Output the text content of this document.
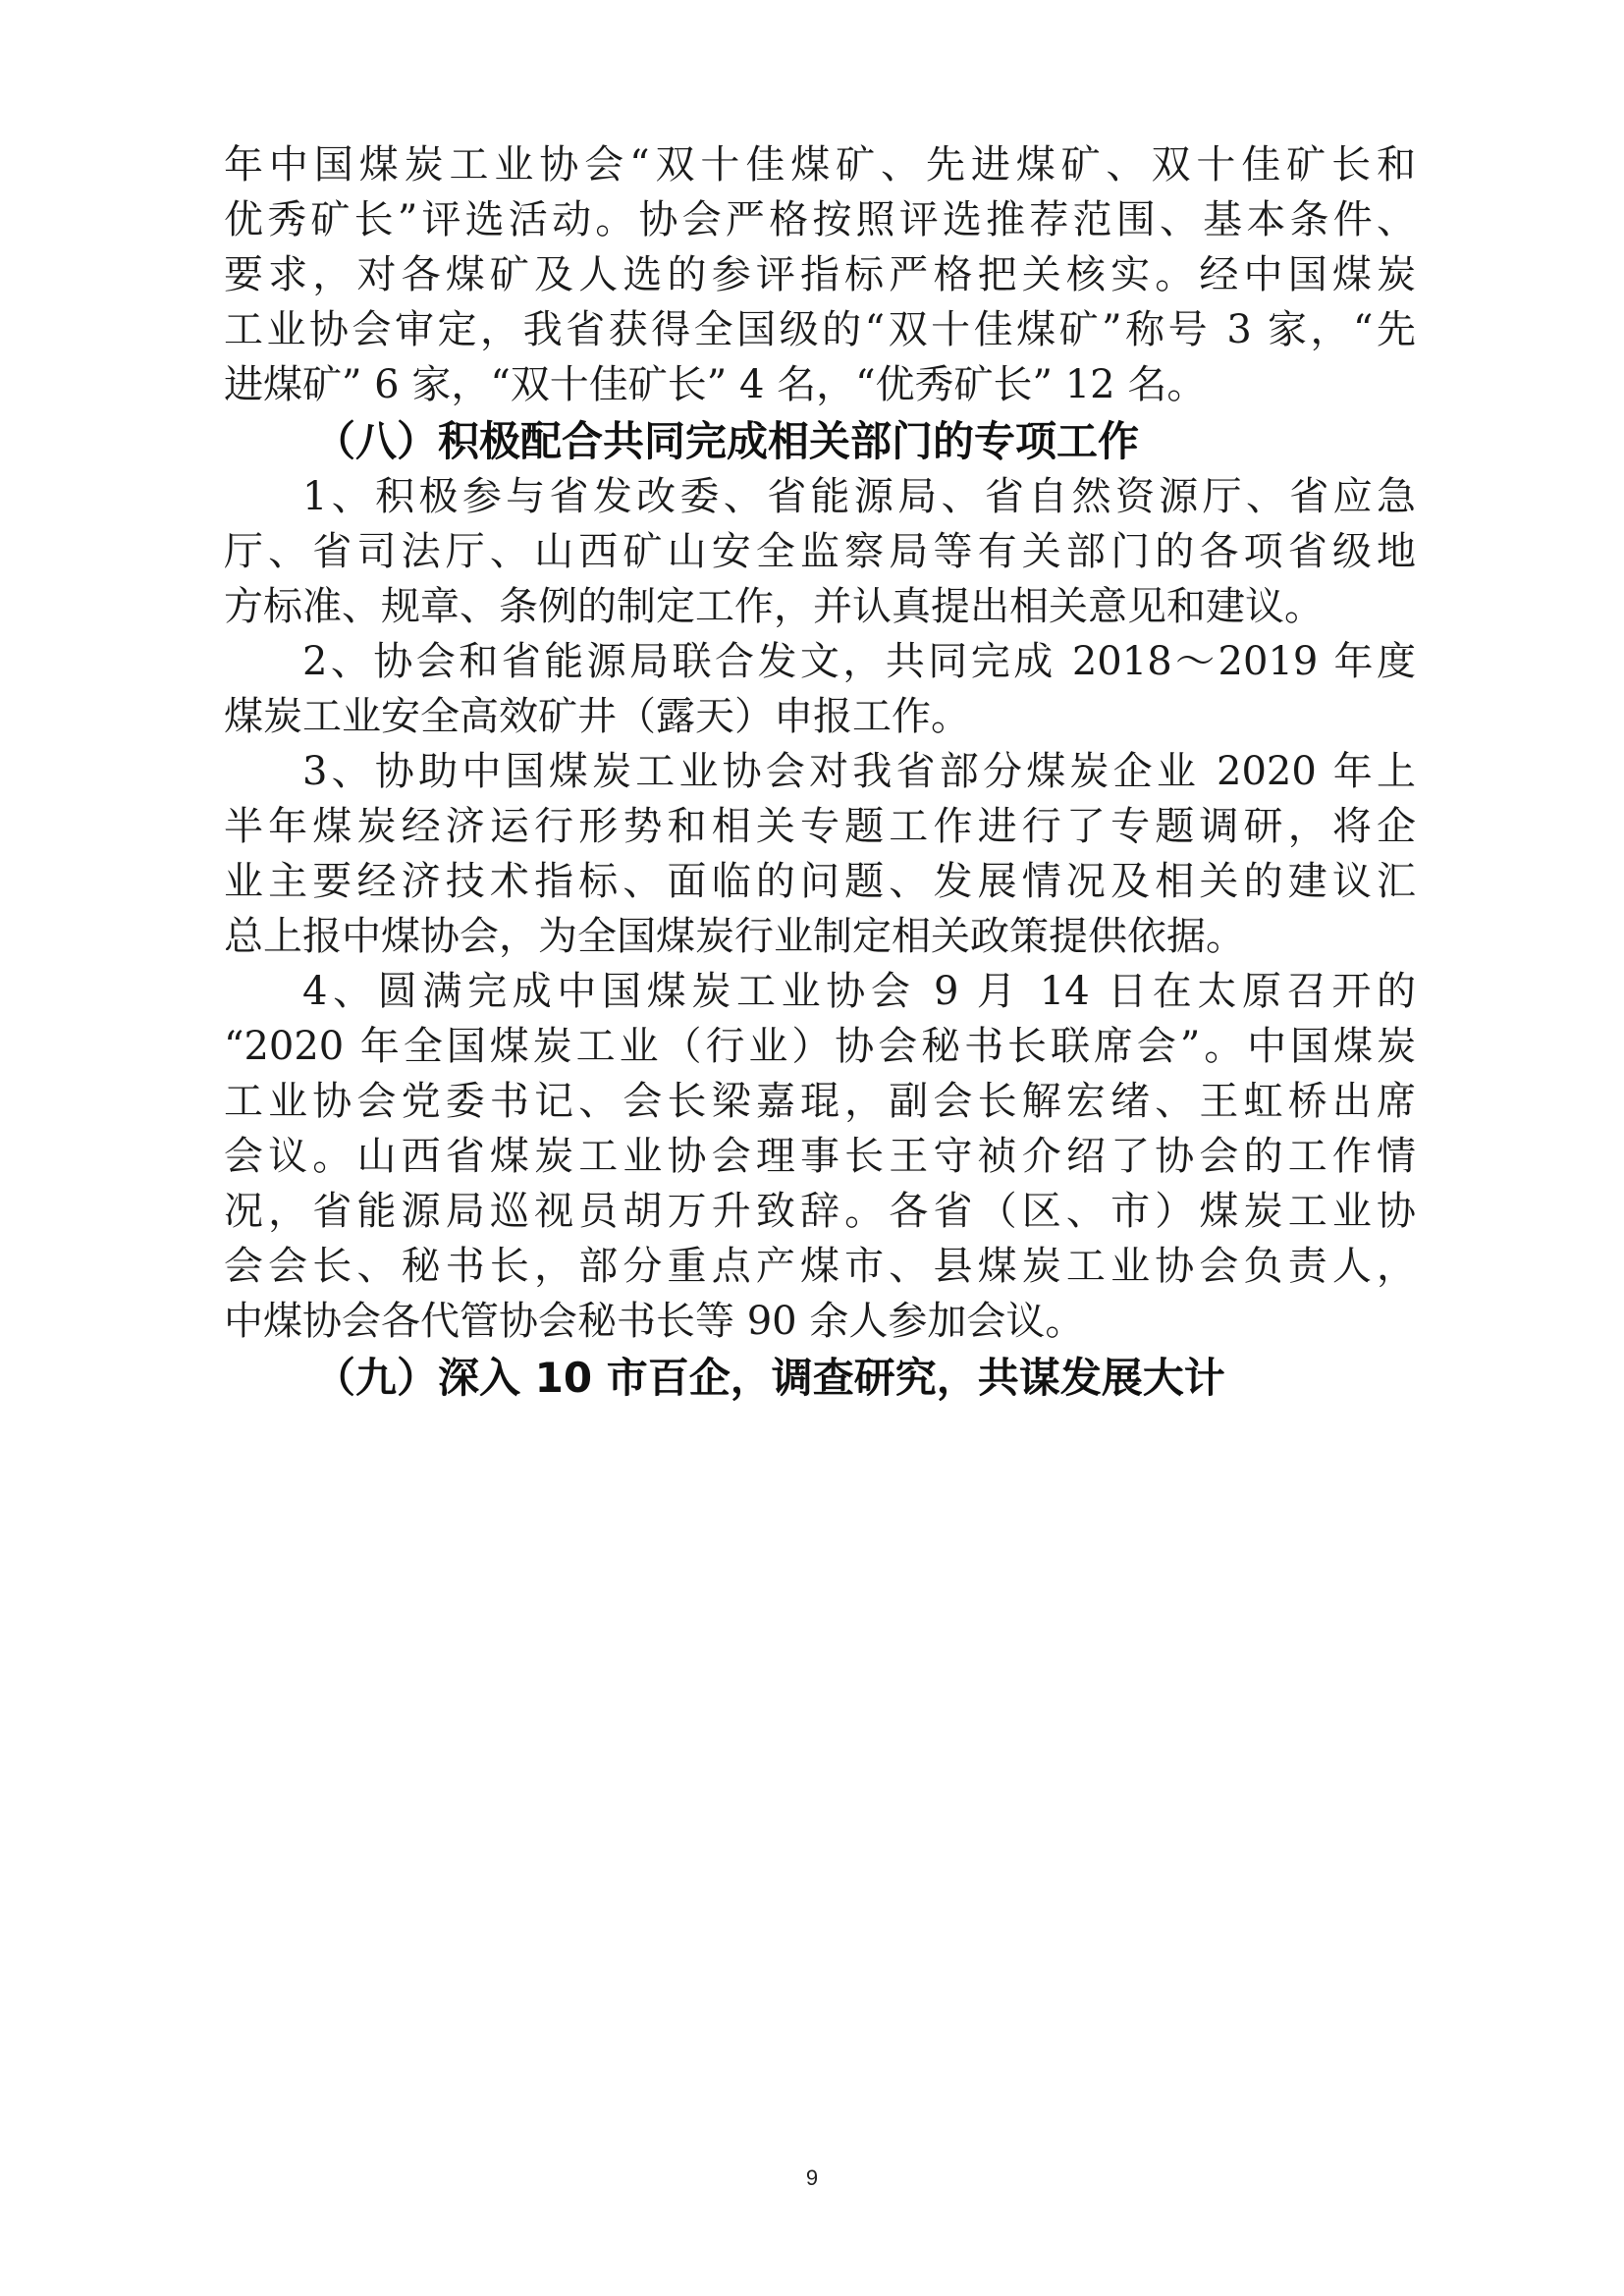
年中国煤炭工业协会“双十佳煤矿、先进煤矿、双十佳矿长和

优秀矿长”评选活动。协会严格按照评选推荐范围、基本条件、

要求，对各煤矿及人选的参评指标严格把关核实。经中国煤炭

工业协会审定，我省获得全国级的“双十佳煤矿”称号 3 家，“先

进煤矿” 6 家，“双十佳矿长” 4 名，“优秀矿长” 12 名。

（八）积极配合共同完成相关部门的专项工作

1、积极参与省发改委、省能源局、省自然资源厅、省应急

厅、省司法厅、山西矿山安全监察局等有关部门的各项省级地

方标准、规章、条例的制定工作，并认真提出相关意见和建议。

2、协会和省能源局联合发文，共同完成 2018～2019 年度

煤炭工业安全高效矿井（露天）申报工作。

3、协助中国煤炭工业协会对我省部分煤炭企业 2020 年上

半年煤炭经济运行形势和相关专题工作进行了专题调研，将企

业主要经济技术指标、面临的问题、发展情况及相关的建议汇

总上报中煤协会，为全国煤炭行业制定相关政策提供依据。

4、圆满完成中国煤炭工业协会 9 月 14 日在太原召开的

“2020 年全国煤炭工业（行业）协会秘书长联席会”。中国煤炭

工业协会党委书记、会长梁嘉琨，副会长解宏绪、王虹桥出席

会议。山西省煤炭工业协会理事长王守祯介绍了协会的工作情

况，省能源局巡视员胡万升致辞。各省（区、市）煤炭工业协

会会长、秘书长，部分重点产煤市、县煤炭工业协会负责人，

中煤协会各代管协会秘书长等 90 余人参加会议。

（九）深入 10 市百企，调查研究，共谋发展大计

9
